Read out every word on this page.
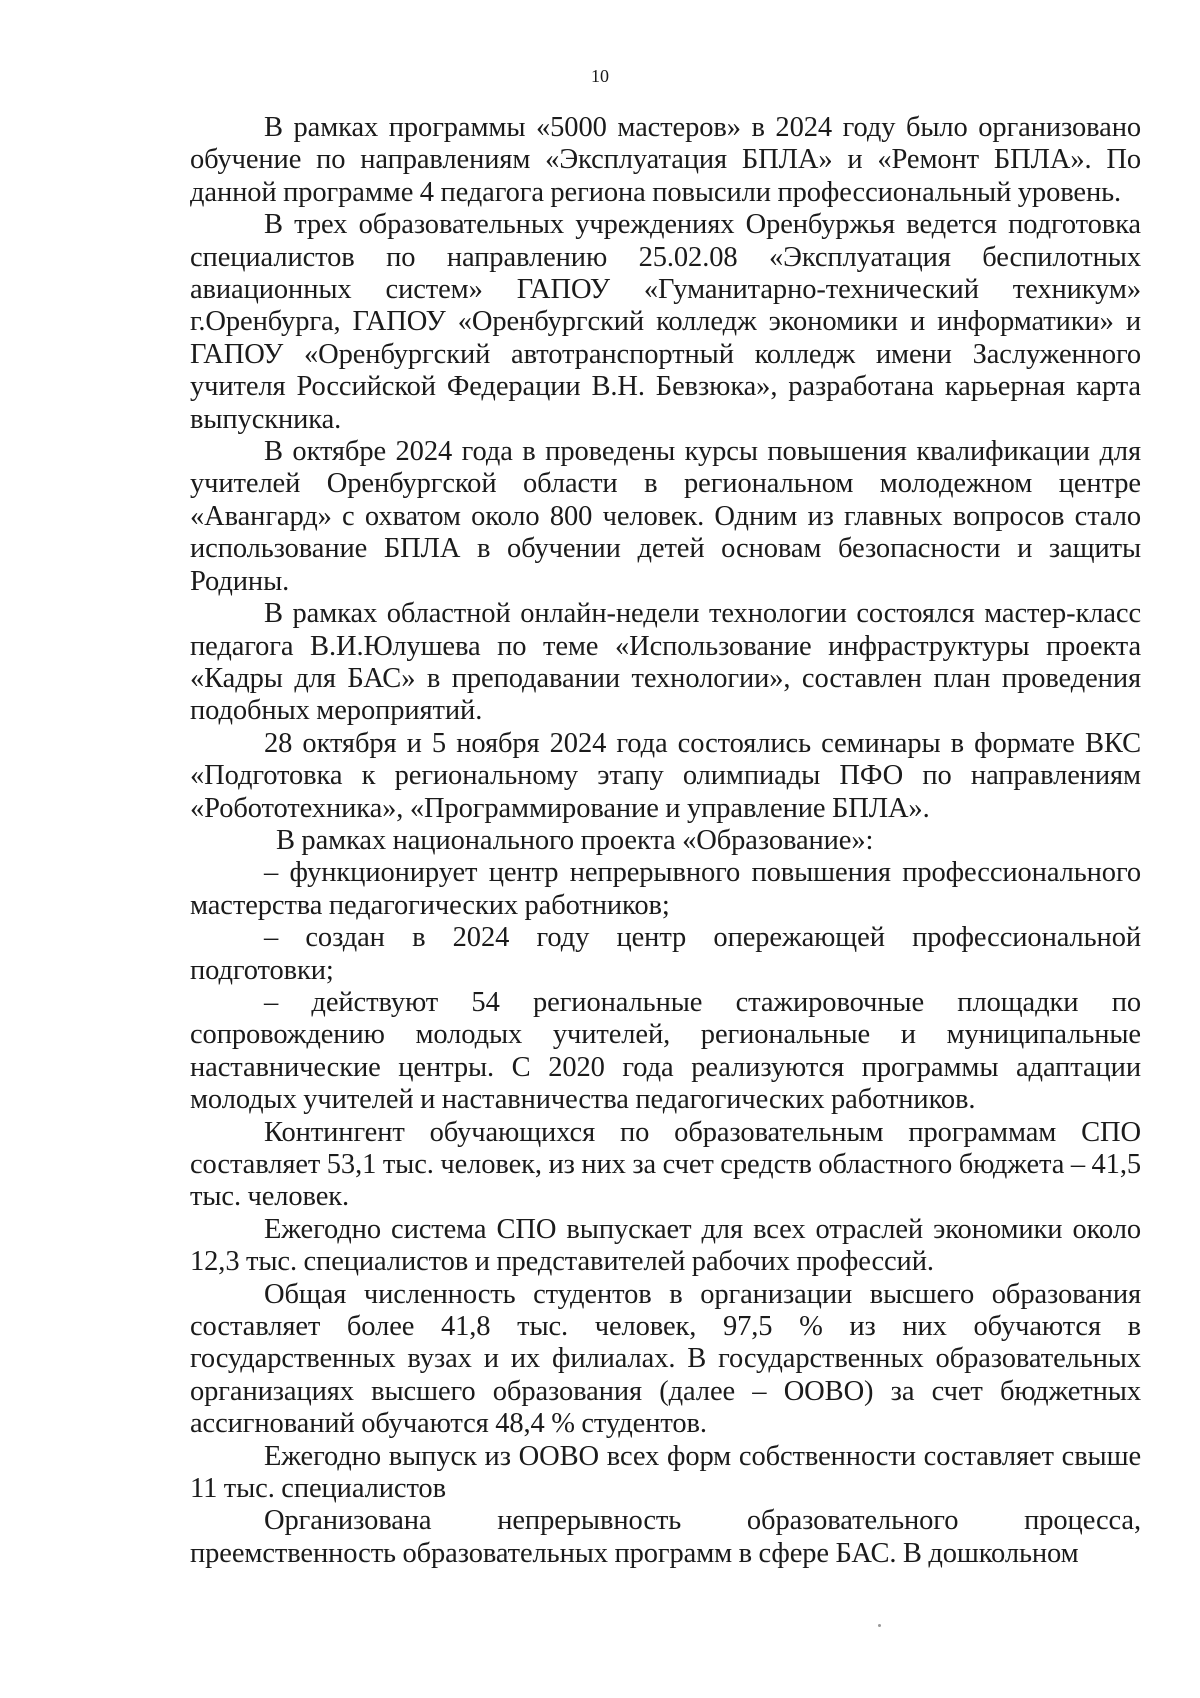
10

В рамках программы «5000 мастеров» в 2024 году было организовано обучение по направлениям «Эксплуатация БПЛА» и «Ремонт БПЛА». По данной программе 4 педагога региона повысили профессиональный уровень.

В трех образовательных учреждениях Оренбуржья ведется подготовка специалистов по направлению 25.02.08 «Эксплуатация беспилотных авиационных систем» ГАПОУ «Гуманитарно-технический техникум» г.Оренбурга, ГАПОУ «Оренбургский колледж экономики и информатики» и ГАПОУ «Оренбургский автотранспортный колледж имени Заслуженного учителя Российской Федерации В.Н. Бевзюка», разработана карьерная карта выпускника.

В октябре 2024 года в проведены курсы повышения квалификации для учителей Оренбургской области в региональном молодежном центре «Авангард» с охватом около 800 человек. Одним из главных вопросов стало использование БПЛА в обучении детей основам безопасности и защиты Родины.

В рамках областной онлайн-недели технологии состоялся мастер-класс педагога В.И.Юлушева по теме «Использование инфраструктуры проекта «Кадры для БАС» в преподавании технологии», составлен план проведения подобных мероприятий.

28 октября и 5 ноября 2024 года состоялись семинары в формате ВКС «Подготовка к региональному этапу олимпиады ПФО по направлениям «Робототехника», «Программирование и управление БПЛА».

В рамках национального проекта «Образование»:

– функционирует центр непрерывного повышения профессионального мастерства педагогических работников;

– создан в 2024 году центр опережающей профессиональной подготовки;

– действуют 54 региональные стажировочные площадки по сопровождению молодых учителей, региональные и муниципальные наставнические центры. С 2020 года реализуются программы адаптации молодых учителей и наставничества педагогических работников.

Контингент обучающихся по образовательным программам СПО составляет 53,1 тыс. человек, из них за счет средств областного бюджета – 41,5 тыс. человек.

Ежегодно система СПО выпускает для всех отраслей экономики около 12,3 тыс. специалистов и представителей рабочих профессий.

Общая численность студентов в организации высшего образования составляет более 41,8 тыс. человек, 97,5 % из них обучаются в государственных вузах и их филиалах. В государственных образовательных организациях высшего образования (далее – ООВО) за счет бюджетных ассигнований обучаются 48,4 % студентов.

Ежегодно выпуск из ООВО всех форм собственности составляет свыше 11 тыс. специалистов

Организована непрерывность образовательного процесса, преемственность образовательных программ в сфере БАС. В дошкольном
